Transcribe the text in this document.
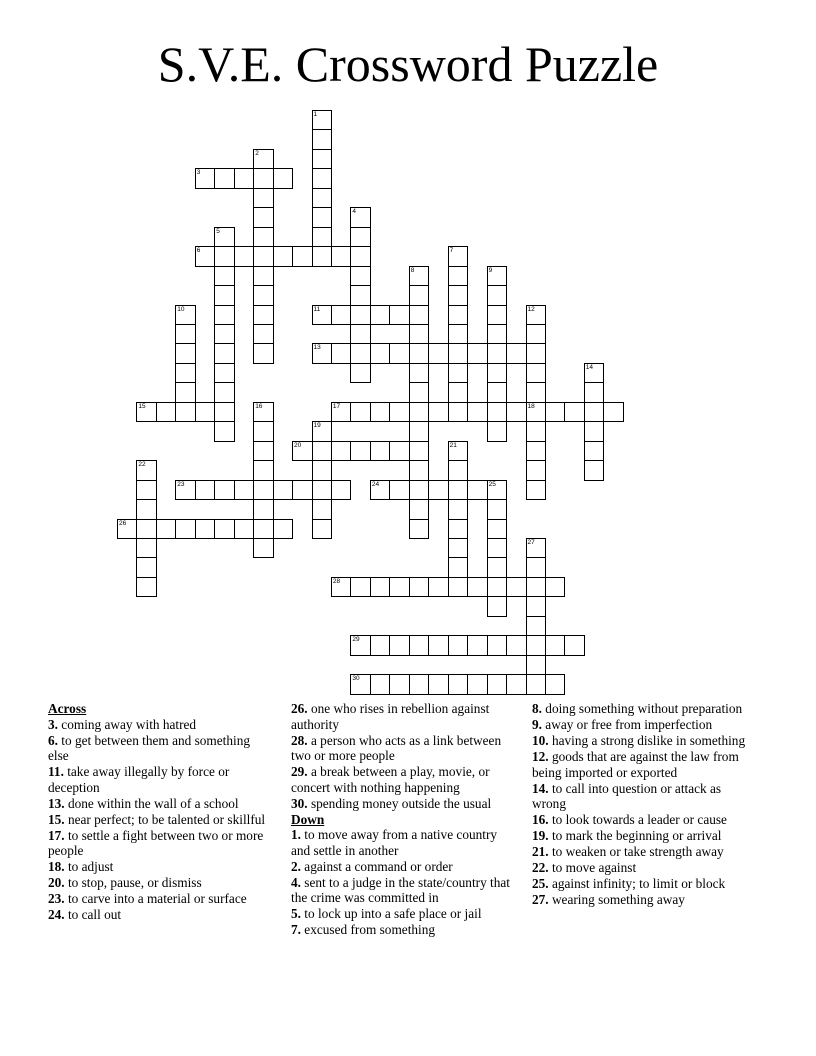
S.V.E. Crossword Puzzle
3
6
11
13
15	17	18
20
23	24	25
26
28
29
30
1
2
4
5
7
8	9
10	12
14
16
19
21
22
27

Across

3. coming away with hatred

6. to get between them and something else

11. take away illegally by force or deception

13. done within the wall of a school

15. near perfect; to be talented or skillful

17. to settle a fight between two or more people

18. to adjust

20. to stop, pause, or dismiss

23. to carve into a material or surface

24. to call out

26. one who rises in rebellion against authority

28. a person who acts as a link between two or more people

29. a break between a play, movie, or concert with nothing happening

30. spending money outside the usual

Down

1. to move away from a native country and settle in another

2. against a command or order

4. sent to a judge in the state/country that the crime was committed in

5. to lock up into a safe place or jail

7. excused from something

8. doing something without preparation

9. away or free from imperfection

10. having a strong dislike in something

12. goods that are against the law from being imported or exported

14. to call into question or attack as wrong

16. to look towards a leader or cause

19. to mark the beginning or arrival

21. to weaken or take strength away

22. to move against

25. against infinity; to limit or block

27. wearing something away
